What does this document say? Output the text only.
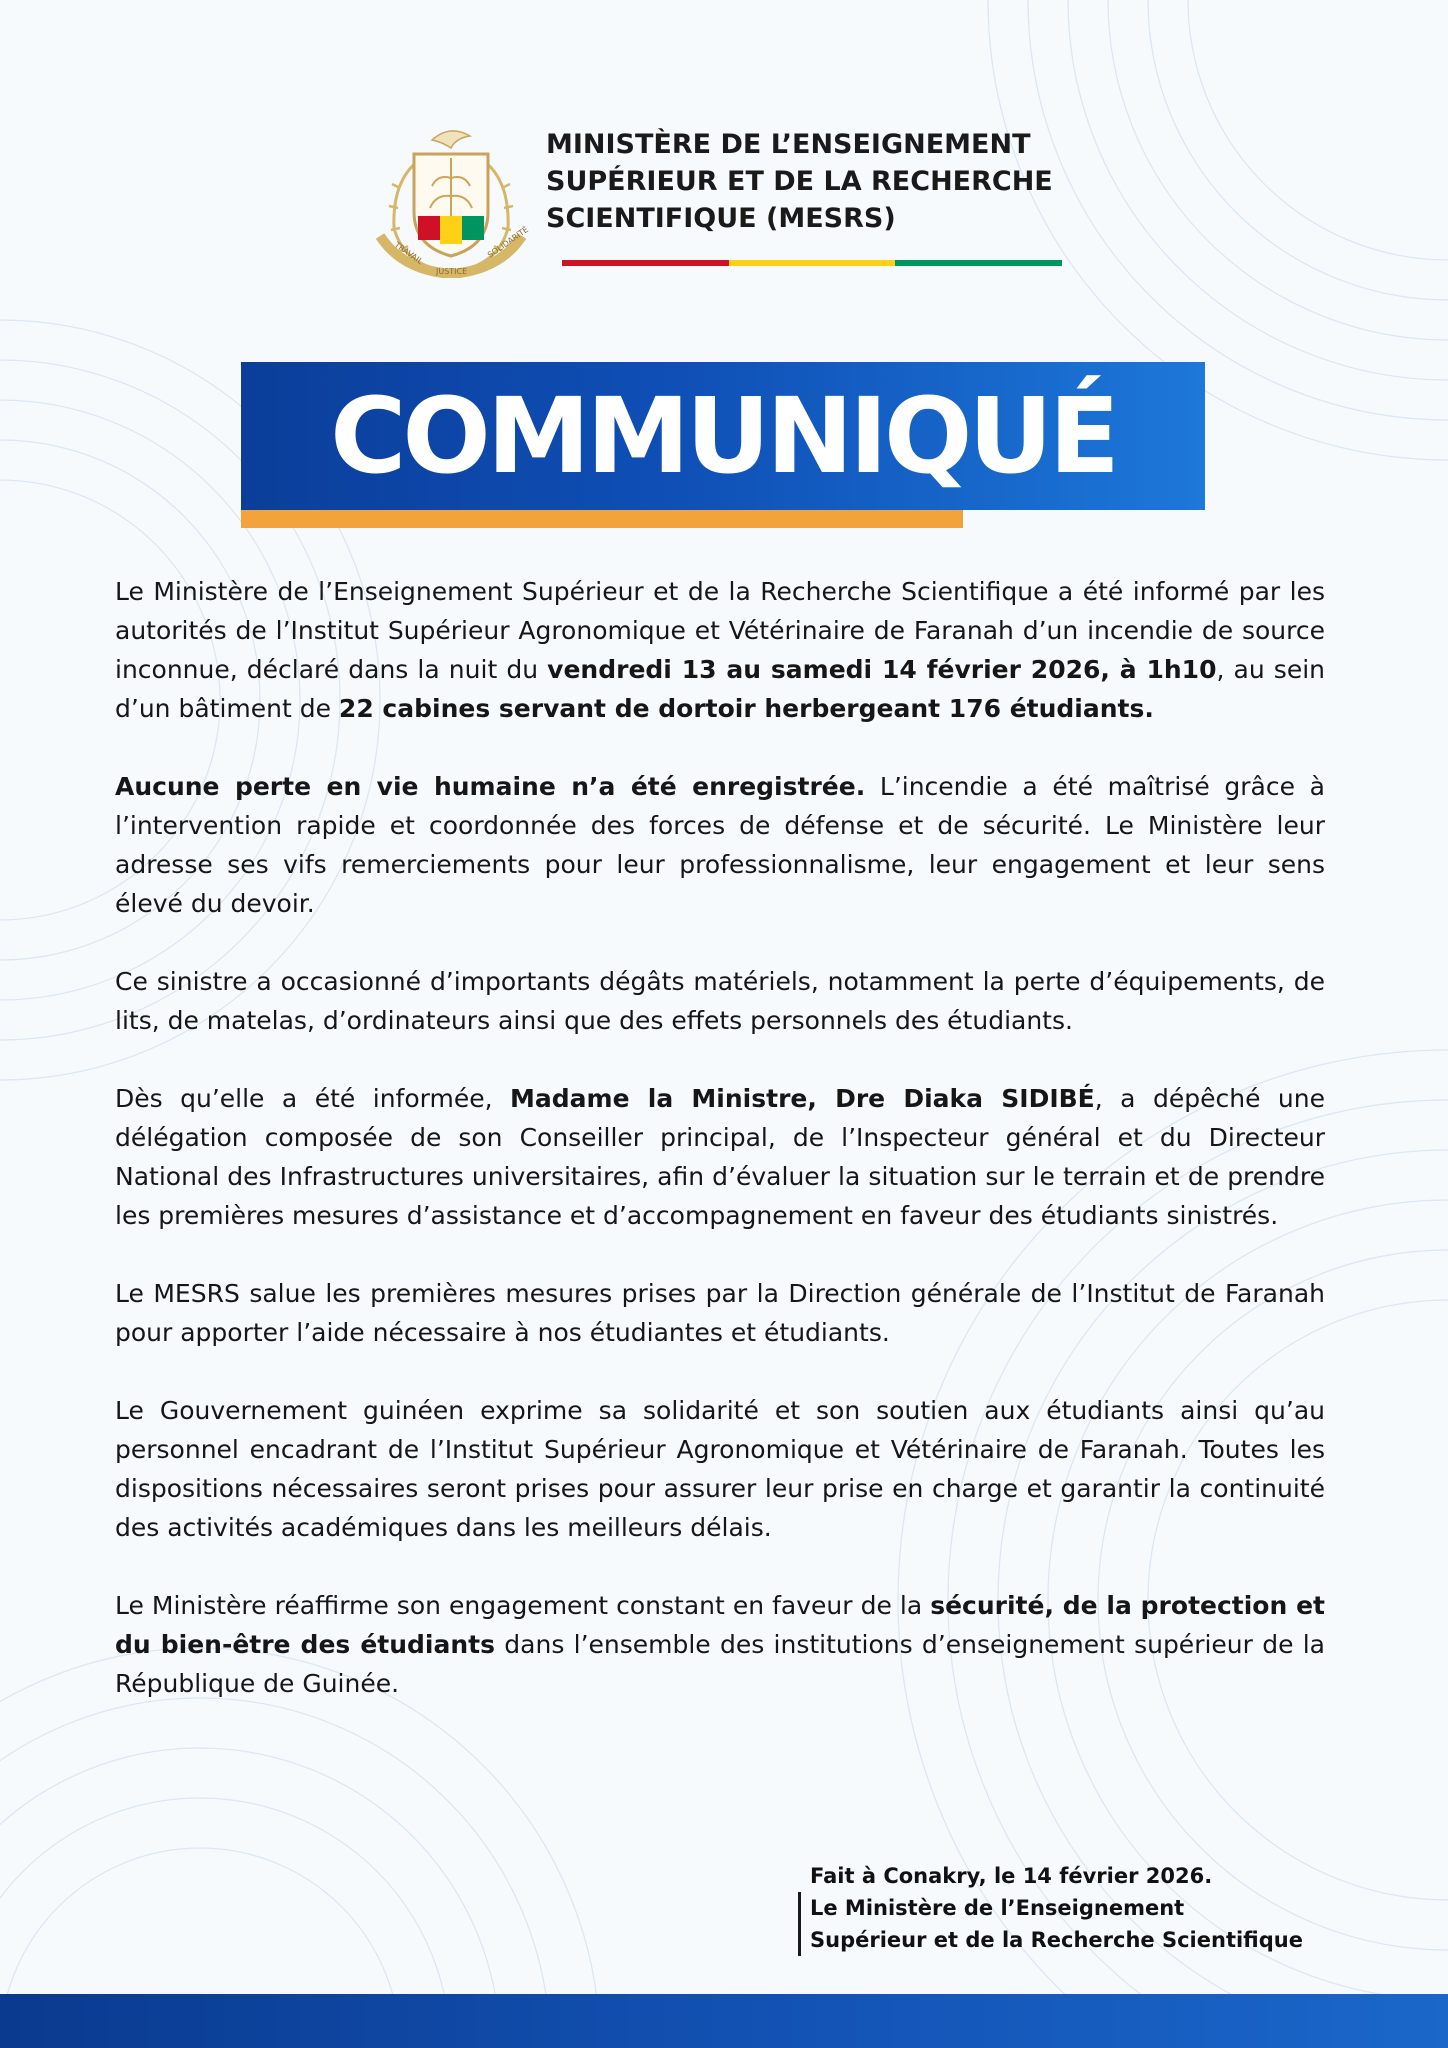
TRAVAIL
JUSTICE
SOLIDARITÉ
MINISTÈRE DE L’ENSEIGNEMENT
SUPÉRIEUR ET DE LA RECHERCHE
SCIENTIFIQUE (MESRS)
COMMUNIQUÉ

Le Ministère de l’Enseignement Supérieur et de la Recherche Scientifique a été informé par les autorités de l’Institut Supérieur Agronomique et Vétérinaire de Faranah d’un incendie de source inconnue, déclaré dans la nuit du vendredi 13 au samedi 14 février 2026, à 1h10, au sein d’un bâtiment de 22 cabines servant de dortoir herbergeant 176 étudiants.

Aucune perte en vie humaine n’a été enregistrée. L’incendie a été maîtrisé grâce à l’intervention rapide et coordonnée des forces de défense et de sécurité. Le Ministère leur adresse ses vifs remerciements pour leur professionnalisme, leur engagement et leur sens élevé du devoir.

Ce sinistre a occasionné d’importants dégâts matériels, notamment la perte d’équipements, de lits, de matelas, d’ordinateurs ainsi que des effets personnels des étudiants.

Dès qu’elle a été informée, Madame la Ministre, Dre Diaka SIDIBÉ, a dépêché une délégation composée de son Conseiller principal, de l’Inspecteur général et du Directeur National des Infrastructures universitaires, afin d’évaluer la situation sur le terrain et de prendre les premières mesures d’assistance et d’accompagnement en faveur des étudiants sinistrés.

Le MESRS salue les premières mesures prises par la Direction générale de l’Institut de Faranah pour apporter l’aide nécessaire à nos étudiantes et étudiants.

Le Gouvernement guinéen exprime sa solidarité et son soutien aux étudiants ainsi qu’au personnel encadrant de l’Institut Supérieur Agronomique et Vétérinaire de Faranah. Toutes les dispositions nécessaires seront prises pour assurer leur prise en charge et garantir la continuité des activités académiques dans les meilleurs délais.

Le Ministère réaffirme son engagement constant en faveur de la sécurité, de la protection et du bien-être des étudiants dans l’ensemble des institutions d’enseignement supérieur de la République de Guinée.

Fait à Conakry, le 14 février 2026.

Le Ministère de l’Enseignement
Supérieur et de la Recherche Scientifique
